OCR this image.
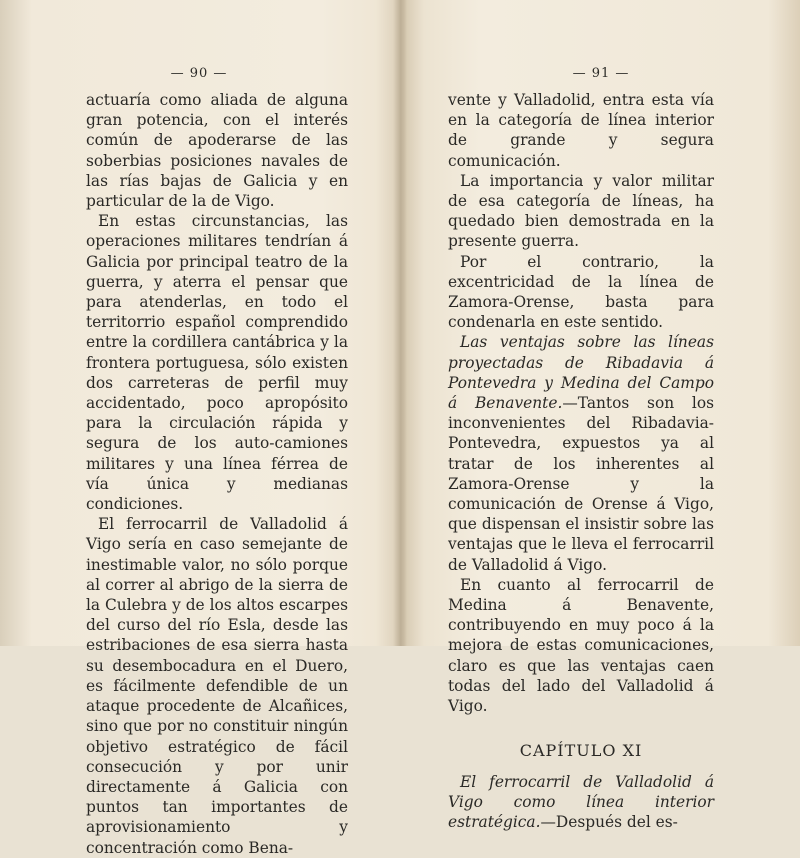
— 90 —

actuaría como aliada de alguna gran potencia, con el interés común de apoderarse de las soberbias posiciones navales de las rías bajas de Galicia y en particular de la de Vigo.

En estas circunstancias, las operaciones militares tendrían á Galicia por principal teatro de la guerra, y aterra el pensar que para atenderlas, en todo el territorrio español comprendido entre la cordillera cantábrica y la frontera portuguesa, sólo existen dos carreteras de perfil muy accidentado, poco apropósito para la circulación rápida y segura de los auto-camiones militares y una línea férrea de vía única y medianas condiciones.

El ferrocarril de Valladolid á Vigo sería en caso semejante de inestimable valor, no sólo porque al correr al abrigo de la sierra de la Culebra y de los altos escarpes del curso del río Esla, desde las estribaciones de esa sierra hasta su desembocadura en el Duero, es fácilmente defendible de un ataque procedente de Alcañices, sino que por no constituir ningún objetivo estratégico de fácil consecución y por unir directamente á Galicia con puntos tan importantes de aprovisionamiento y concentración como Bena-

— 91 —

vente y Valladolid, entra esta vía en la categoría de línea interior de grande y segura comunicación.

La importancia y valor militar de esa categoría de líneas, ha quedado bien demostrada en la presente guerra.

Por el contrario, la excentricidad de la línea de Zamora-Orense, basta para condenarla en este sentido.

Las ventajas sobre las líneas proyectadas de Ribadavia á Pontevedra y Medina del Campo á Benavente.—Tantos son los inconvenientes del Ribadavia-Pontevedra, expuestos ya al tratar de los inherentes al Zamora-Orense y la comunicación de Orense á Vigo, que dispensan el insistir sobre las ventajas que le lleva el ferrocarril de Valladolid á Vigo.

En cuanto al ferrocarril de Medina á Benavente, contribuyendo en muy poco á la mejora de estas comunicaciones, claro es que las ventajas caen todas del lado del Valladolid á Vigo.

CAPÍTULO XI

El ferrocarril de Valladolid á Vigo como línea interior estratégica.—Después del es-
